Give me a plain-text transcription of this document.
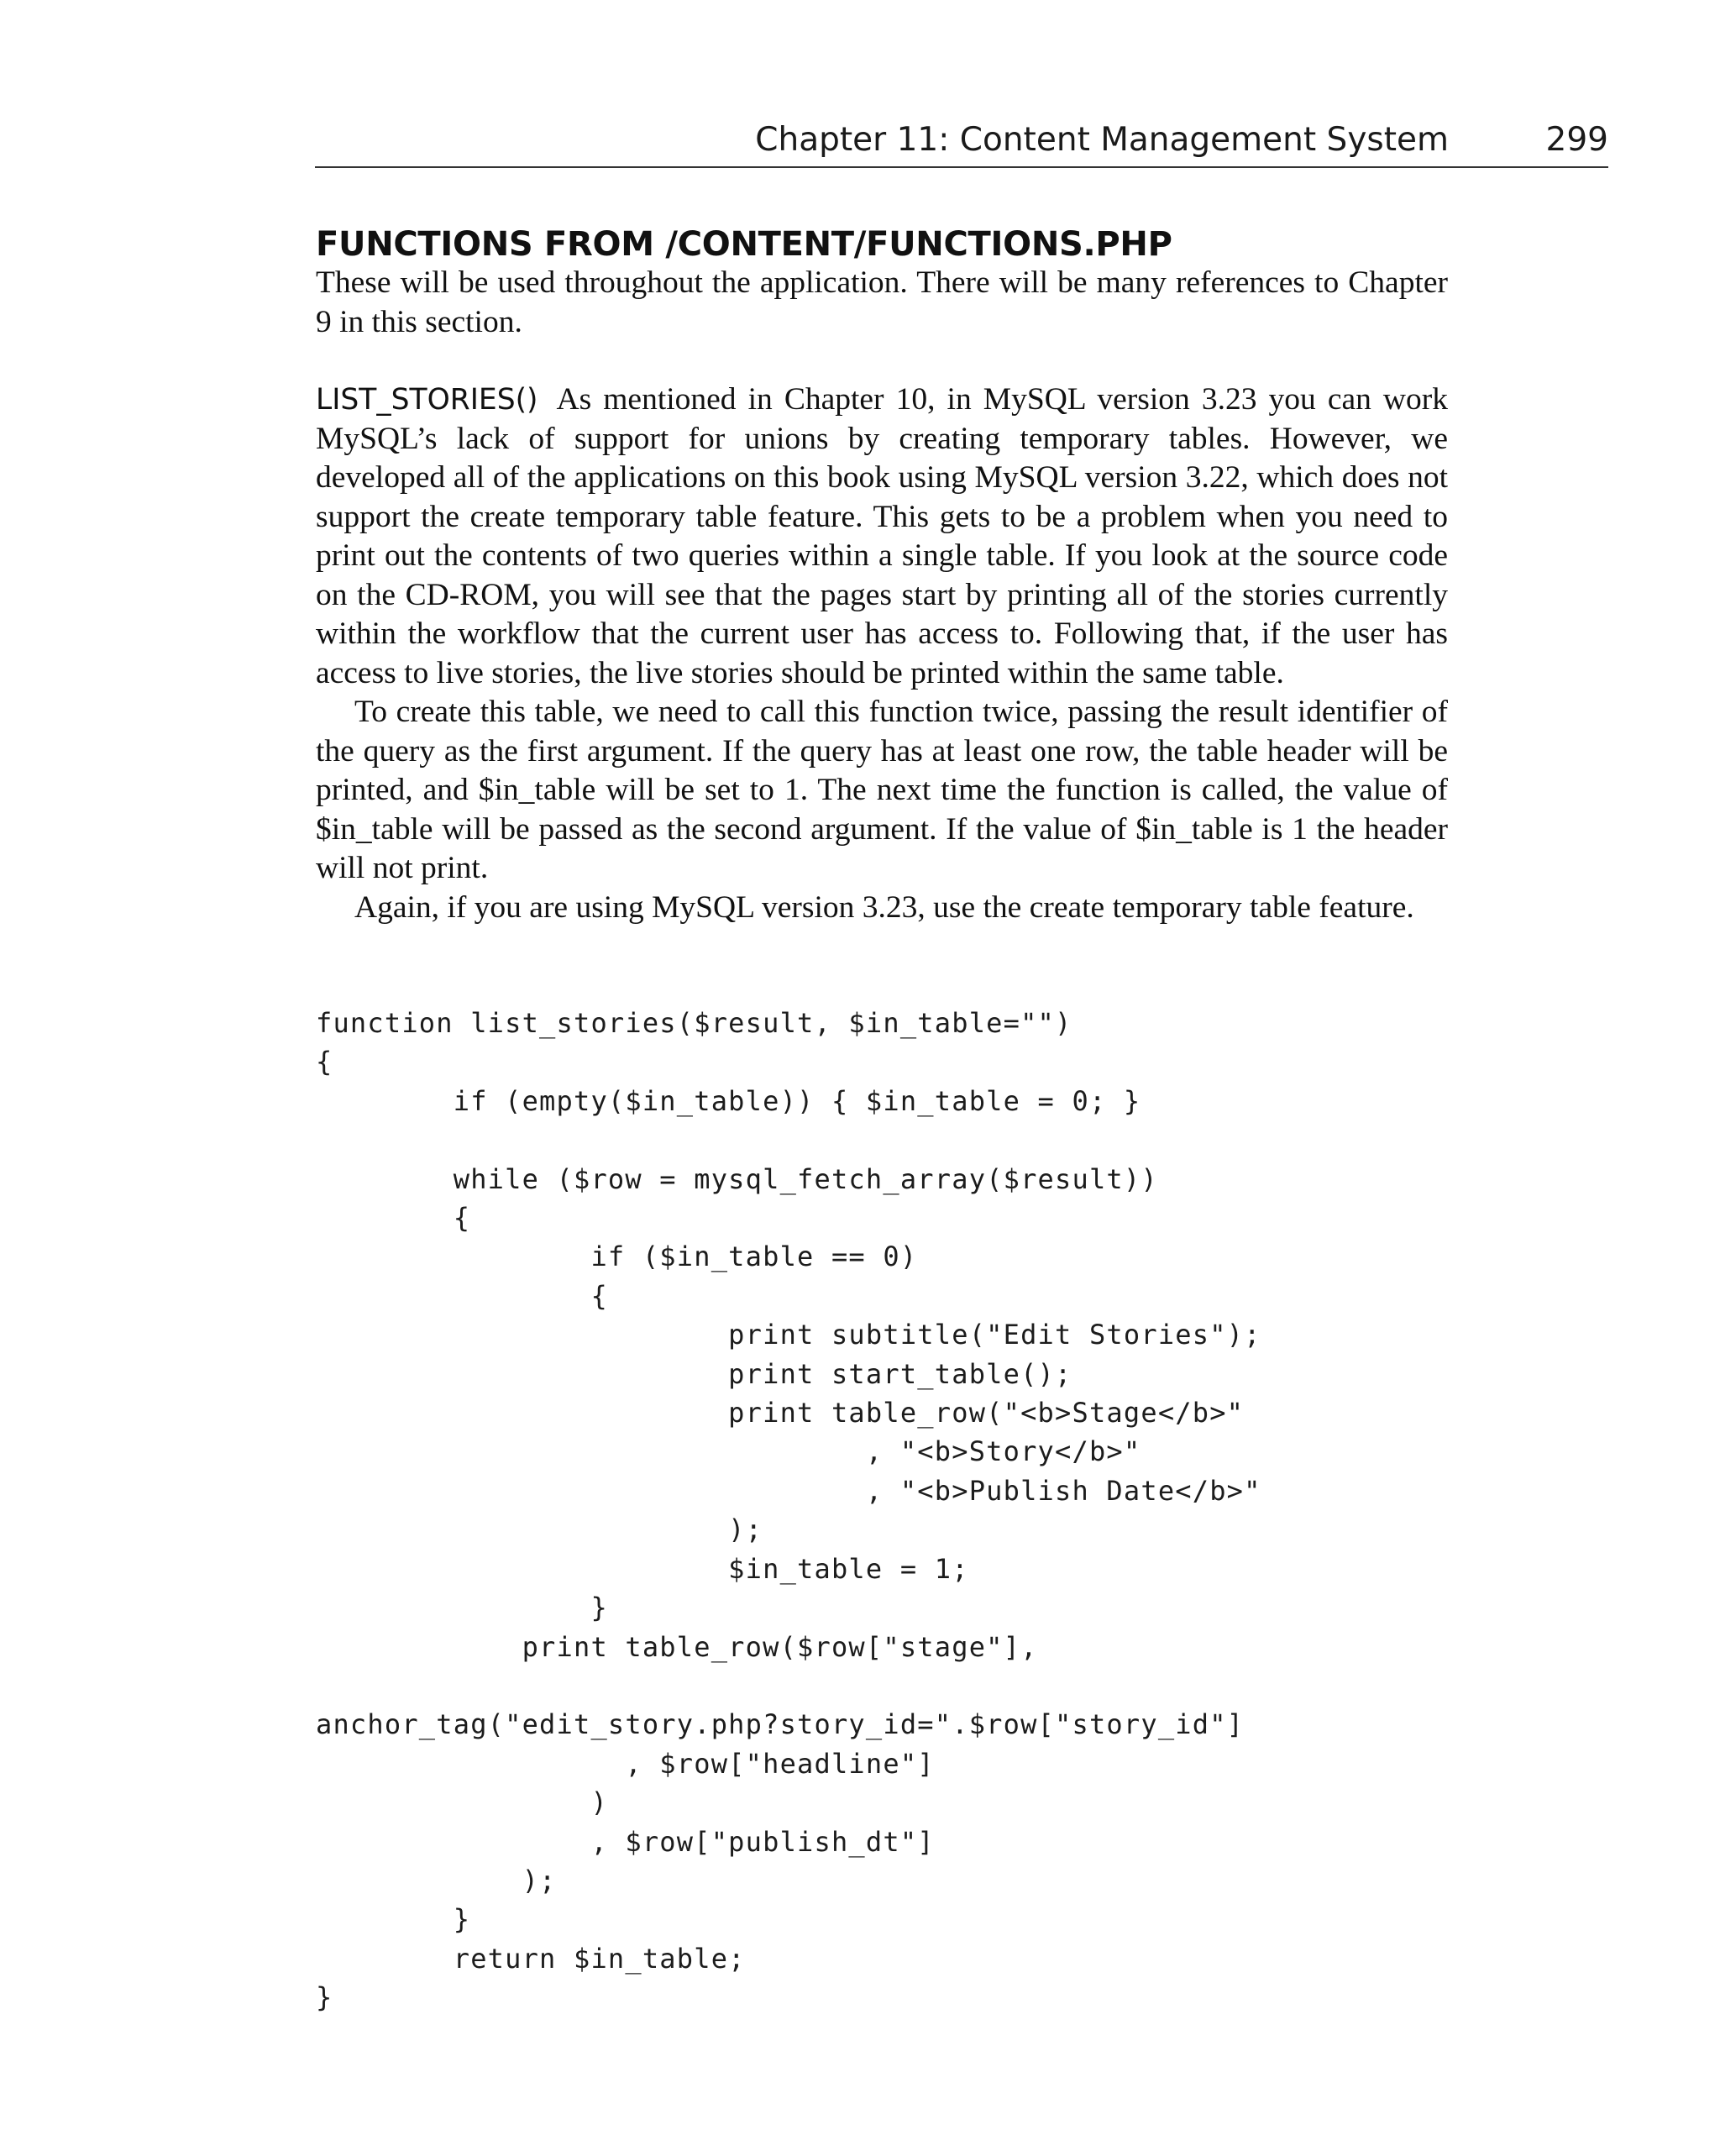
Chapter 11: Content Management System	299
FUNCTIONS FROM /CONTENT/FUNCTIONS.PHP

These will be used throughout the application. There will be many references to Chapter 9 in this section.

LIST_STORIES() As mentioned in Chapter 10, in MySQL version 3.23 you can work MySQL’s lack of support for unions by creating temporary tables. However, we developed all of the applications on this book using MySQL version 3.22, which does not support the create temporary table feature. This gets to be a problem when you need to print out the contents of two queries within a single table. If you look at the source code on the CD-ROM, you will see that the pages start by printing all of the stories currently within the workflow that the current user has access to. Following that, if the user has access to live stories, the live stories should be printed within the same table.

To create this table, we need to call this function twice, passing the result identifier of the query as the first argument. If the query has at least one row, the table header will be printed, and $in_table will be set to 1. The next time the function is called, the value of $in_table will be passed as the second argument. If the value of $in_table is 1 the header will not print.

Again, if you are using MySQL version 3.23, use the create temporary table feature.

function list_stories($result, $in_table="")
{
if (empty($in_table)) { $in_table = 0; }

while ($row = mysql_fetch_array($result))
{
if ($in_table == 0)
{
print subtitle("Edit Stories");
print start_table();
print table_row("<b>Stage</b>"
, "<b>Story</b>"
, "<b>Publish Date</b>"
);
$in_table = 1;
}
print table_row($row["stage"],

anchor_tag("edit_story.php?story_id=".$row["story_id"]
, $row["headline"]
)
, $row["publish_dt"]
);
}
return $in_table;
}
